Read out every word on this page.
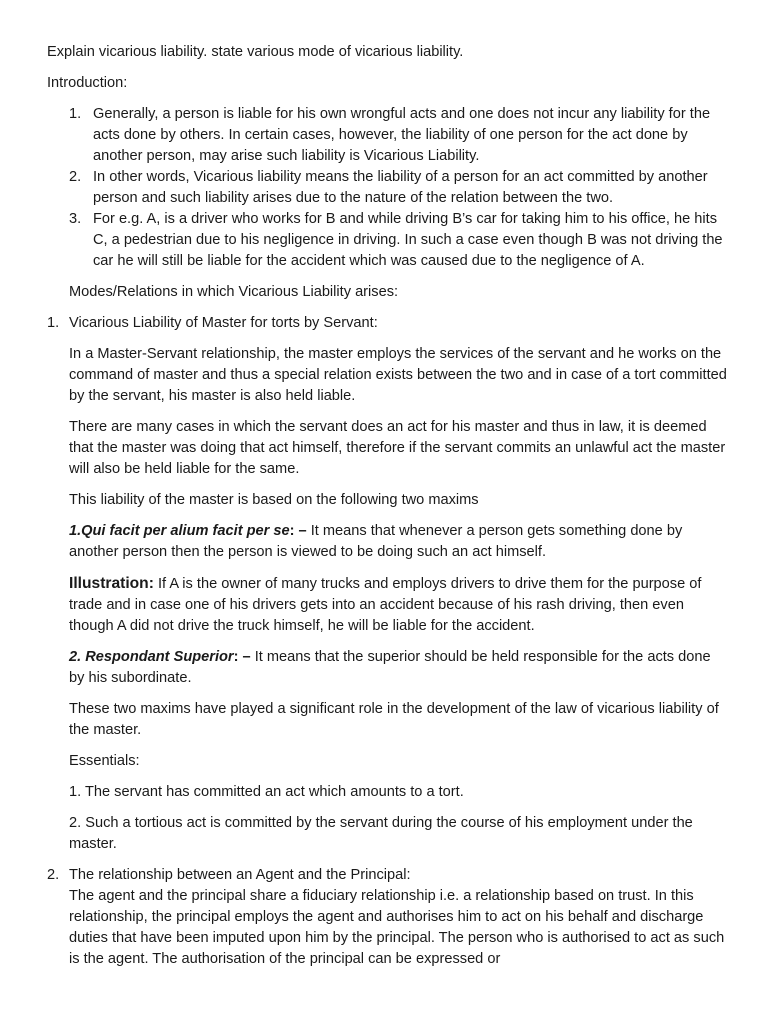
Explain vicarious liability. state various mode of vicarious liability.

Introduction:

1. Generally, a person is liable for his own wrongful acts and one does not incur any liability for the acts done by others. In certain cases, however, the liability of one person for the act done by another person, may arise such liability is Vicarious Liability.
2. In other words, Vicarious liability means the liability of a person for an act committed by another person and such liability arises due to the nature of the relation between the two.
3. For e.g. A, is a driver who works for B and while driving B’s car for taking him to his office, he hits C, a pedestrian due to his negligence in driving. In such a case even though B was not driving the car he will still be liable for the accident which was caused due to the negligence of A.

Modes/Relations in which Vicarious Liability arises:

1. Vicarious Liability of Master for torts by Servant:

In a Master-Servant relationship, the master employs the services of the servant and he works on the command of master and thus a special relation exists between the two and in case of a tort committed by the servant, his master is also held liable.

There are many cases in which the servant does an act for his master and thus in law, it is deemed that the master was doing that act himself, therefore if the servant commits an unlawful act the master will also be held liable for the same.

This liability of the master is based on the following two maxims

1.Qui facit per alium facit per se: – It means that whenever a person gets something done by another person then the person is viewed to be doing such an act himself.

Illustration: If A is the owner of many trucks and employs drivers to drive them for the purpose of trade and in case one of his drivers gets into an accident because of his rash driving, then even though A did not drive the truck himself, he will be liable for the accident.

2. Respondant Superior: – It means that the superior should be held responsible for the acts done by his subordinate.

These two maxims have played a significant role in the development of the law of vicarious liability of the master.

Essentials:

1. The servant has committed an act which amounts to a tort.

2. Such a tortious act is committed by the servant during the course of his employment under the master.

2. The relationship between an Agent and the Principal:

The agent and the principal share a fiduciary relationship i.e. a relationship based on trust. In this relationship, the principal employs the agent and authorises him to act on his behalf and discharge duties that have been imputed upon him by the principal. The person who is authorised to act as such is the agent. The authorisation of the principal can be expressed or
